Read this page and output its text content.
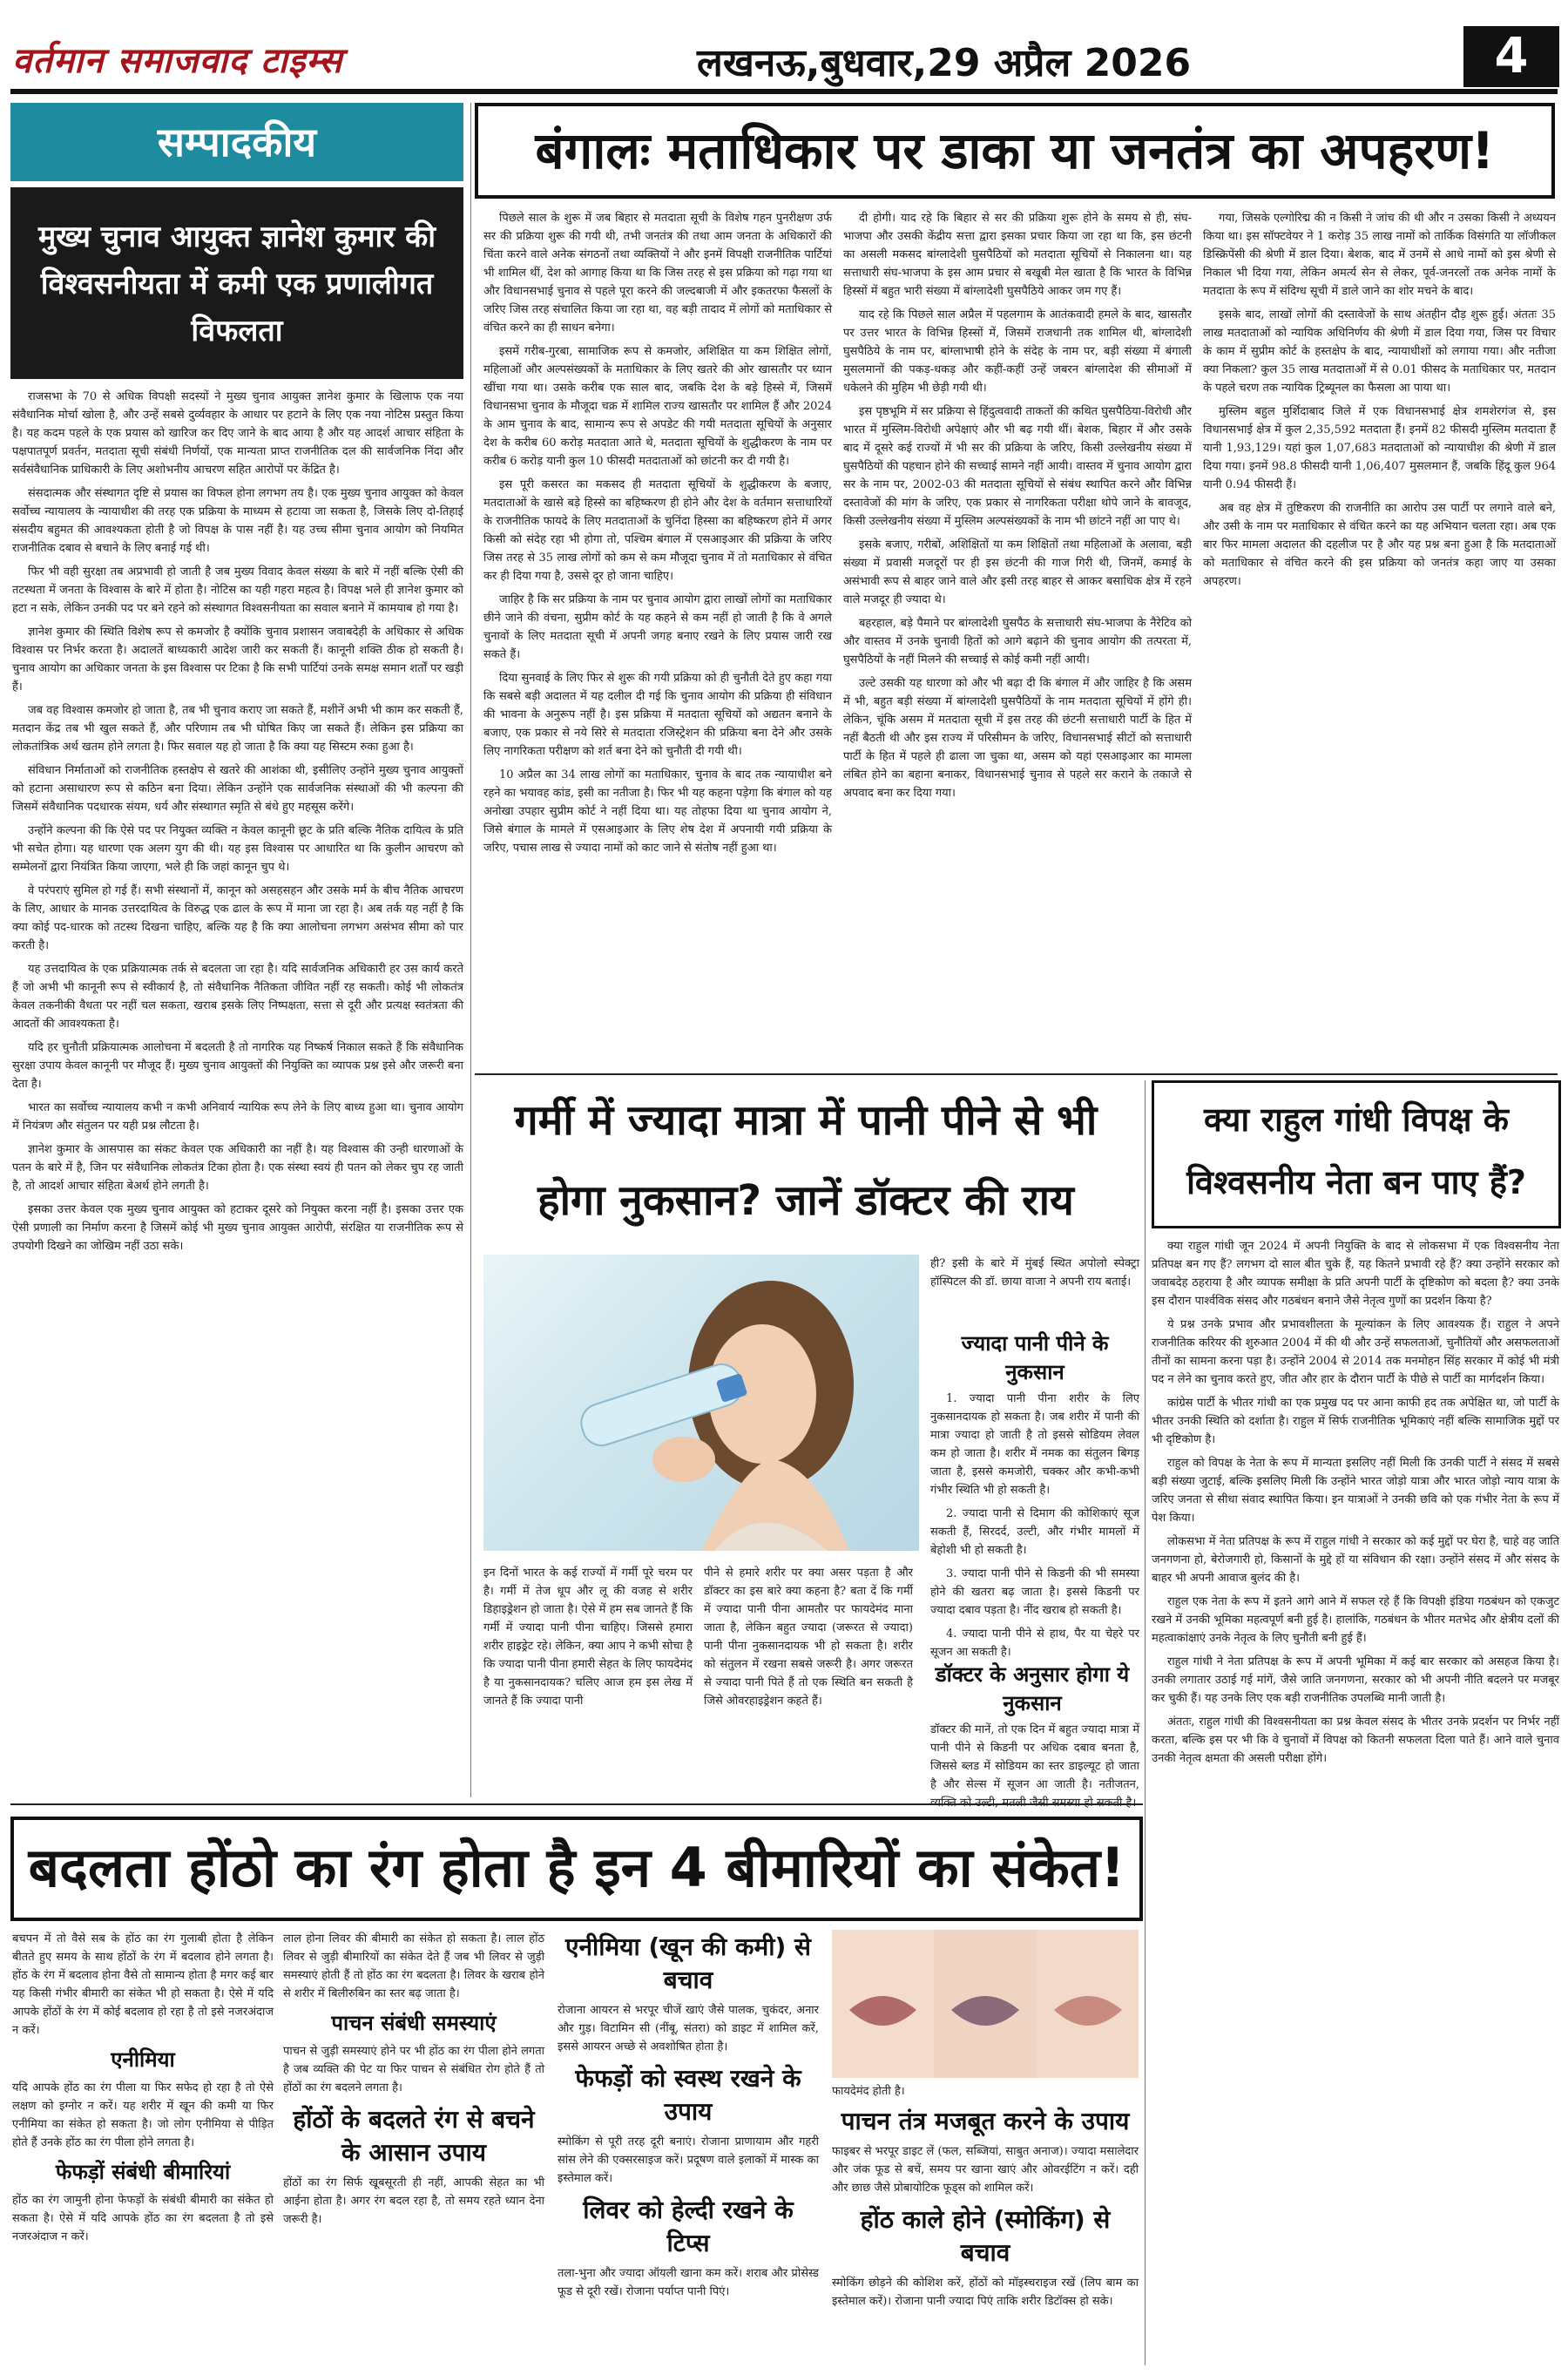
वर्तमान समाजवाद टाइम्स	लखनऊ,बुधवार,29 अप्रैल 2026	4
सम्पादकीय
मुख्य चुनाव आयुक्त ज्ञानेश कुमार की विश्वसनीयता में कमी एक प्रणालीगत विफलता

राजसभा के 70 से अधिक विपक्षी सदस्यों ने मुख्य चुनाव आयुक्त ज्ञानेश कुमार के खिलाफ एक नया संवैधानिक मोर्चा खोला है, और उन्हें सबसे दुर्व्यवहार के आधार पर हटाने के लिए एक नया नोटिस प्रस्तुत किया है। यह कदम पहले के एक प्रयास को खारिज कर दिए जाने के बाद आया है और यह आदर्श आचार संहिता के पक्षपातपूर्ण प्रवर्तन, मतदाता सूची संबंधी निर्णयों, एक मान्यता प्राप्त राजनीतिक दल की सार्वजनिक निंदा और सर्वसंवैधानिक प्राधिकारी के लिए अशोभनीय आचरण सहित आरोपों पर केंद्रित है।

संसदात्मक और संस्थागत दृष्टि से प्रयास का विफल होना लगभग तय है। एक मुख्य चुनाव आयुक्त को केवल सर्वोच्च न्यायालय के न्यायाधीश की तरह एक प्रक्रिया के माध्यम से हटाया जा सकता है, जिसके लिए दो-तिहाई संसदीय बहुमत की आवश्यकता होती है जो विपक्ष के पास नहीं है। यह उच्च सीमा चुनाव आयोग को नियमित राजनीतिक दबाव से बचाने के लिए बनाई गई थी।

फिर भी वही सुरक्षा तब अप्रभावी हो जाती है जब मुख्य विवाद केवल संख्या के बारे में नहीं बल्कि ऐसी की तटस्थता में जनता के विश्वास के बारे में होता है। नोटिस का यही गहरा महत्व है। विपक्ष भले ही ज्ञानेश कुमार को हटा न सके, लेकिन उनकी पद पर बने रहने को संस्थागत विश्वसनीयता का सवाल बनाने में कामयाब हो गया है।

ज्ञानेश कुमार की स्थिति विशेष रूप से कमजोर है क्योंकि चुनाव प्रशासन जवाबदेही के अधिकार से अधिक विश्वास पर निर्भर करता है। अदालतें बाध्यकारी आदेश जारी कर सकती हैं। कानूनी शक्ति ठीक हो सकती है। चुनाव आयोग का अधिकार जनता के इस विश्वास पर टिका है कि सभी पार्टियां उनके समक्ष समान शर्तों पर खड़ी हैं।

जब वह विश्वास कमजोर हो जाता है, तब भी चुनाव कराए जा सकते हैं, मशीनें अभी भी काम कर सकती हैं, मतदान केंद्र तब भी खुल सकते हैं, और परिणाम तब भी घोषित किए जा सकते हैं। लेकिन इस प्रक्रिया का लोकतांत्रिक अर्थ खतम होने लगता है। फिर सवाल यह हो जाता है कि क्या यह सिस्टम रुका हुआ है।

संविधान निर्माताओं को राजनीतिक हस्तक्षेप से खतरे की आशंका थी, इसीलिए उन्होंने मुख्य चुनाव आयुक्तों को हटाना असाधारण रूप से कठिन बना दिया। लेकिन उन्होंने एक सार्वजनिक संस्थाओं की भी कल्पना की जिसमें संवैधानिक पदधारक संयम, धर्य और संस्थागत स्मृति से बंधे हुए महसूस करेंगे।

उन्होंने कल्पना की कि ऐसे पद पर नियुक्त व्यक्ति न केवल कानूनी छूट के प्रति बल्कि नैतिक दायित्व के प्रति भी सचेत होगा। यह धारणा एक अलग युग की थी। यह इस विश्वास पर आधारित था कि कुलीन आचरण को सम्मेलनों द्वारा नियंत्रित किया जाएगा, भले ही कि जहां कानून चुप थे।

वे परंपराएं सुमिल हो गई हैं। सभी संस्थानों में, कानून को असहसहन और उसके मर्म के बीच नैतिक आचरण के लिए, आधार के मानक उत्तरदायित्व के विरुद्ध एक ढाल के रूप में माना जा रहा है। अब तर्क यह नहीं है कि क्या कोई पद-धारक को तटस्थ दिखना चाहिए, बल्कि यह है कि क्या आलोचना लगभग असंभव सीमा को पार करती है।

यह उत्तदायित्व के एक प्रक्रियात्मक तर्क से बदलता जा रहा है। यदि सार्वजनिक अधिकारी हर उस कार्य करते हैं जो अभी भी कानूनी रूप से स्वीकार्य है, तो संवैधानिक नैतिकता जीवित नहीं रह सकती। कोई भी लोकतंत्र केवल तकनीकी वैधता पर नहीं चल सकता, खराब इसके लिए निष्पक्षता, सत्ता से दूरी और प्रत्यक्ष स्वतंत्रता की आदतों की आवश्यकता है।

यदि हर चुनौती प्रक्रियात्मक आलोचना में बदलती है तो नागरिक यह निष्कर्ष निकाल सकते हैं कि संवैधानिक सुरक्षा उपाय केवल कानूनी पर मौजूद हैं। मुख्य चुनाव आयुक्तों की नियुक्ति का व्यापक प्रश्न इसे और जरूरी बना देता है।

भारत का सर्वोच्च न्यायालय कभी न कभी अनिवार्य न्यायिक रूप लेने के लिए बाध्य हुआ था। चुनाव आयोग में नियंत्रण और संतुलन पर यही प्रश्न लौटता है।

ज्ञानेश कुमार के आसपास का संकट केवल एक अधिकारी का नहीं है। यह विश्वास की उन्ही धारणाओं के पतन के बारे में है, जिन पर संवैधानिक लोकतंत्र टिका होता है। एक संस्था स्वयं ही पतन को लेकर चुप रह जाती है, तो आदर्श आचार संहिता बेअर्थ होने लगती है।

इसका उत्तर केवल एक मुख्य चुनाव आयुक्त को हटाकर दूसरे को नियुक्त करना नहीं है। इसका उत्तर एक ऐसी प्रणाली का निर्माण करना है जिसमें कोई भी मुख्य चुनाव आयुक्त आरोपी, संरक्षित या राजनीतिक रूप से उपयोगी दिखने का जोखिम नहीं उठा सके।

बंगालः मताधिकार पर डाका या जनतंत्र का अपहरण!

पिछले साल के शुरू में जब बिहार से मतदाता सूची के विशेष गहन पुनरीक्षण उर्फ सर की प्रक्रिया शुरू की गयी थी, तभी जनतंत्र की तथा आम जनता के अधिकारों की चिंता करने वाले अनेक संगठनों तथा व्यक्तियों ने और इनमें विपक्षी राजनीतिक पार्टियां भी शामिल थीं, देश को आगाह किया था कि जिस तरह से इस प्रक्रिया को गढ़ा गया था और विधानसभाई चुनाव से पहले पूरा करने की जल्दबाजी में और इकतरफा फैसलों के जरिए जिस तरह संचालित किया जा रहा था, वह बड़ी तादाद में लोगों को मताधिकार से वंचित करने का ही साधन बनेगा।

इसमें गरीब-गुरबा, सामाजिक रूप से कमजोर, अशिक्षित या कम शिक्षित लोगों, महिलाओं और अल्पसंख्यकों के मताधिकार के लिए खतरे की ओर खासतौर पर ध्यान खींचा गया था। उसके करीब एक साल बाद, जबकि देश के बड़े हिस्से में, जिसमें विधानसभा चुनाव के मौजूदा चक्र में शामिल राज्य खासतौर पर शामिल हैं और 2024 के आम चुनाव के बाद, सामान्य रूप से अपडेट की गयी मतदाता सूचियों के अनुसार देश के करीब 60 करोड़ मतदाता आते थे, मतदाता सूचियों के शुद्धीकरण के नाम पर करीब 6 करोड़ यानी कुल 10 फीसदी मतदाताओं को छांटनी कर दी गयी है।

इस पूरी कसरत का मकसद ही मतदाता सूचियों के शुद्धीकरण के बजाए, मतदाताओं के खासे बड़े हिस्से का बहिष्करण ही होने और देश के वर्तमान सत्ताधारियों के राजनीतिक फायदे के लिए मतदाताओं के चुनिंदा हिस्सा का बहिष्करण होने में अगर किसी को संदेह रहा भी होगा तो, पश्चिम बंगाल में एसआइआर की प्रक्रिया के जरिए जिस तरह से 35 लाख लोगों को कम से कम मौजूदा चुनाव में तो मताधिकार से वंचित कर ही दिया गया है, उससे दूर हो जाना चाहिए।

जाहिर है कि सर प्रक्रिया के नाम पर चुनाव आयोग द्वारा लाखों लोगों का मताधिकार छीने जाने की वंचना, सुप्रीम कोर्ट के यह कहने से कम नहीं हो जाती है कि वे अगले चुनावों के लिए मतदाता सूची में अपनी जगह बनाए रखने के लिए प्रयास जारी रख सकते हैं।

दिया सुनवाई के लिए फिर से शुरू की गयी प्रक्रिया को ही चुनौती देते हुए कहा गया कि सबसे बड़ी अदालत में यह दलील दी गई कि चुनाव आयोग की प्रक्रिया ही संविधान की भावना के अनुरूप नहीं है। इस प्रक्रिया में मतदाता सूचियों को अद्यतन बनाने के बजाए, एक प्रकार से नये सिरे से मतदाता रजिस्ट्रेशन की प्रक्रिया बना देने और उसके लिए नागरिकता परीक्षण को शर्त बना देने को चुनौती दी गयी थी।

10 अप्रैल का 34 लाख लोगों का मताधिकार, चुनाव के बाद तक न्यायाधीश बने रहने का भयावह कांड, इसी का नतीजा है। फिर भी यह कहना पड़ेगा कि बंगाल को यह अनोखा उपहार सुप्रीम कोर्ट ने नहीं दिया था। यह तोहफा दिया था चुनाव आयोग ने, जिसे बंगाल के मामले में एसआइआर के लिए शेष देश में अपनायी गयी प्रक्रिया के जरिए, पचास लाख से ज्यादा नामों को काट जाने से संतोष नहीं हुआ था।

दी होगी। याद रहे कि बिहार से सर की प्रक्रिया शुरू होने के समय से ही, संघ-भाजपा और उसकी केंद्रीय सत्ता द्वारा इसका प्रचार किया जा रहा था कि, इस छंटनी का असली मकसद बांग्लादेशी घुसपैठियों को मतदाता सूचियों से निकालना था। यह सत्ताधारी संघ-भाजपा के इस आम प्रचार से बखूबी मेल खाता है कि भारत के विभिन्न हिस्सों में बहुत भारी संख्या में बांग्लादेशी घुसपैठिये आकर जम गए हैं।

याद रहे कि पिछले साल अप्रैल में पहलगाम के आतंकवादी हमले के बाद, खासतौर पर उत्तर भारत के विभिन्न हिस्सों में, जिसमें राजधानी तक शामिल थी, बांग्लादेशी घुसपैठिये के नाम पर, बांग्लाभाषी होने के संदेह के नाम पर, बड़ी संख्या में बंगाली मुसलमानों की पकड़-धकड़ और कहीं-कहीं उन्हें जबरन बांग्लादेश की सीमाओं में धकेलने की मुहिम भी छेड़ी गयी थी।

इस पृष्ठभूमि में सर प्रक्रिया से हिंदुत्ववादी ताकतों की कथित घुसपैठिया-विरोधी और भारत में मुस्लिम-विरोधी अपेक्षाएं और भी बढ़ गयी थीं। बेशक, बिहार में और उसके बाद में दूसरे कई राज्यों में भी सर की प्रक्रिया के जरिए, किसी उल्लेखनीय संख्या में घुसपैठियों की पहचान होने की सच्चाई सामने नहीं आयी। वास्तव में चुनाव आयोग द्वारा सर के नाम पर, 2002-03 की मतदाता सूचियों से संबंध स्थापित करने और विभिन्न दस्तावेजों की मांग के जरिए, एक प्रकार से नागरिकता परीक्षा थोपे जाने के बावजूद, किसी उल्लेखनीय संख्या में मुस्लिम अल्पसंख्यकों के नाम भी छांटने नहीं आ पाए थे।

इसके बजाए, गरीबों, अशिक्षितों या कम शिक्षितों तथा महिलाओं के अलावा, बड़ी संख्या में प्रवासी मजदूरों पर ही इस छंटनी की गाज गिरी थी, जिनमें, कमाई के असंभावी रूप से बाहर जाने वाले और इसी तरह बाहर से आकर बसाधिक क्षेत्र में रहने वाले मजदूर ही ज्यादा थे।

बहरहाल, बड़े पैमाने पर बांग्लादेशी घुसपैठ के सत्ताधारी संघ-भाजपा के नैरेटिव को और वास्तव में उनके चुनावी हितों को आगे बढ़ाने की चुनाव आयोग की तत्परता में, घुसपैठियों के नहीं मिलने की सच्चाई से कोई कमी नहीं आयी।

उल्टे उसकी यह धारणा को और भी बढ़ा दी कि बंगाल में और जाहिर है कि असम में भी, बहुत बड़ी संख्या में बांग्लादेशी घुसपैठियों के नाम मतदाता सूचियों में होंगे ही। लेकिन, चूंकि असम में मतदाता सूची में इस तरह की छंटनी सत्ताधारी पार्टी के हित में नहीं बैठती थी और इस राज्य में परिसीमन के जरिए, विधानसभाई सीटों को सत्ताधारी पार्टी के हित में पहले ही ढाला जा चुका था, असम को यहां एसआइआर का मामला लंबित होने का बहाना बनाकर, विधानसभाई चुनाव से पहले सर कराने के तकाजे से अपवाद बना कर दिया गया।

गया, जिसके एल्गोरिद्म की न किसी ने जांच की थी और न उसका किसी ने अध्ययन किया था। इस सॉफ्टवेयर ने 1 करोड़ 35 लाख नामों को तार्किक विसंगति या लॉजीकल डिस्क्रिपेंसी की श्रेणी में डाल दिया। बेशक, बाद में उनमें से आधे नामों को इस श्रेणी से निकाल भी दिया गया, लेकिन अमर्त्य सेन से लेकर, पूर्व-जनरलों तक अनेक नामों के मतदाता के रूप में संदिग्ध सूची में डाले जाने का शोर मचने के बाद।

इसके बाद, लाखों लोगों की दस्तावेजों के साथ अंतहीन दौड़ शुरू हुई। अंततः 35 लाख मतदाताओं को न्यायिक अधिनिर्णय की श्रेणी में डाल दिया गया, जिस पर विचार के काम में सुप्रीम कोर्ट के हस्तक्षेप के बाद, न्यायाधीशों को लगाया गया। और नतीजा क्या निकला? कुल 35 लाख मतदाताओं में से 0.01 फीसद के मताधिकार पर, मतदान के पहले चरण तक न्यायिक ट्रिब्यूनल का फैसला आ पाया था।

मुस्लिम बहुल मुर्शिदाबाद जिले में एक विधानसभाई क्षेत्र शमशेरगंज से, इस विधानसभाई क्षेत्र में कुल 2,35,592 मतदाता हैं। इनमें 82 फीसदी मुस्लिम मतदाता हैं यानी 1,93,129। यहां कुल 1,07,683 मतदाताओं को न्यायाधीश की श्रेणी में डाल दिया गया। इनमें 98.8 फीसदी यानी 1,06,407 मुसलमान हैं, जबकि हिंदू कुल 964 यानी 0.94 फीसदी हैं।

अब वह क्षेत्र में तुष्टिकरण की राजनीति का आरोप उस पार्टी पर लगाने वाले बने, और उसी के नाम पर मताधिकार से वंचित करने का यह अभियान चलता रहा। अब एक बार फिर मामला अदालत की दहलीज पर है और यह प्रश्न बना हुआ है कि मतदाताओं को मताधिकार से वंचित करने की इस प्रक्रिया को जनतंत्र कहा जाए या उसका अपहरण।

गर्मी में ज्यादा मात्रा में पानी पीने से भी
होगा नुकसान? जानें डॉक्टर की राय
ही? इसी के बारे में मुंबई स्थित अपोलो स्पेक्ट्रा हॉस्पिटल की डॉ. छाया वाजा ने अपनी राय बताई।
ज्यादा पानी पीने के नुकसान

1. ज्यादा पानी पीना शरीर के लिए नुकसानदायक हो सकता है। जब शरीर में पानी की मात्रा ज्यादा हो जाती है तो इससे सोडियम लेवल कम हो जाता है। शरीर में नमक का संतुलन बिगड़ जाता है, इससे कमजोरी, चक्कर और कभी-कभी गंभीर स्थिति भी हो सकती है।

2. ज्यादा पानी से दिमाग की कोशिकाएं सूज सकती हैं, सिरदर्द, उल्टी, और गंभीर मामलों में बेहोशी भी हो सकती है।

3. ज्यादा पानी पीने से किडनी की भी समस्या होने की खतरा बढ़ जाता है। इससे किडनी पर ज्यादा दबाव पड़ता है। नींद खराब हो सकती है।

4. ज्यादा पानी पीने से हाथ, पैर या चेहरे पर सूजन आ सकती है।

डॉक्टर के अनुसार होगा ये नुकसान
इन दिनों भारत के कई राज्यों में गर्मी पूरे चरम पर है। गर्मी में तेज धूप और लू की वजह से शरीर डिहाइड्रेशन हो जाता है। ऐसे में हम सब जानते हैं कि गर्मी में ज्यादा पानी पीना चाहिए। जिससे हमारा शरीर हाइड्रेट रहे। लेकिन, क्या आप ने कभी सोचा है कि ज्यादा पानी पीना हमारी सेहत के लिए फायदेमंद है या नुकसानदायक? चलिए आज हम इस लेख में जानते हैं कि ज्यादा पानी
पीने से हमारे शरीर पर क्या असर पड़ता है और डॉक्टर का इस बारे क्या कहना है? बता दें कि गर्मी में ज्यादा पानी पीना आमतौर पर फायदेमंद माना जाता है, लेकिन बहुत ज्यादा (जरूरत से ज्यादा) पानी पीना नुकसानदायक भी हो सकता है। शरीर को संतुलन में रखना सबसे जरूरी है। अगर जरूरत से ज्यादा पानी पिते हैं तो एक स्थिति बन सकती है जिसे ओवरहाइड्रेशन कहते हैं।
डॉक्टर की मानें, तो एक दिन में बहुत ज्यादा मात्रा में पानी पीने से किडनी पर अधिक दबाव बनता है, जिससे ब्लड में सोडियम का स्तर डाइल्यूट हो जाता है और सेल्स में सूजन आ जाती है। नतीजतन,
क्या राहुल गांधी विपक्ष के विश्वसनीय नेता बन पाए हैं?

क्या राहुल गांधी जून 2024 में अपनी नियुक्ति के बाद से लोकसभा में एक विश्वसनीय नेता प्रतिपक्ष बन गए हैं? लगभग दो साल बीत चुके हैं, यह कितने प्रभावी रहे हैं? क्या उन्होंने सरकार को जवाबदेह ठहराया है और व्यापक समीक्षा के प्रति अपनी पार्टी के दृष्टिकोण को बदला है? क्या उनके इस दौरान पार्श्वविक संसद और गठबंधन बनाने जैसे नेतृत्व गुणों का प्रदर्शन किया है?

ये प्रश्न उनके प्रभाव और प्रभावशीलता के मूल्यांकन के लिए आवश्यक हैं। राहुल ने अपने राजनीतिक करियर की शुरुआत 2004 में की थी और उन्हें सफलताओं, चुनौतियों और असफलताओं तीनों का सामना करना पड़ा है। उन्होंने 2004 से 2014 तक मनमोहन सिंह सरकार में कोई भी मंत्री पद न लेने का चुनाव करते हुए, जीत और हार के दौरान पार्टी के पीछे से पार्टी का मार्गदर्शन किया।

कांग्रेस पार्टी के भीतर गांधी का एक प्रमुख पद पर आना काफी हद तक अपेक्षित था, जो पार्टी के भीतर उनकी स्थिति को दर्शाता है। राहुल में सिर्फ राजनीतिक भूमिकाएं नहीं बल्कि सामाजिक मुद्दों पर भी दृष्टिकोण है।

राहुल को विपक्ष के नेता के रूप में मान्यता इसलिए नहीं मिली कि उनकी पार्टी ने संसद में सबसे बड़ी संख्या जुटाई, बल्कि इसलिए मिली कि उन्होंने भारत जोड़ो यात्रा और भारत जोड़ो न्याय यात्रा के जरिए जनता से सीधा संवाद स्थापित किया। इन यात्राओं ने उनकी छवि को एक गंभीर नेता के रूप में पेश किया।

लोकसभा में नेता प्रतिपक्ष के रूप में राहुल गांधी ने सरकार को कई मुद्दों पर घेरा है, चाहे वह जाति जनगणना हो, बेरोजगारी हो, किसानों के मुद्दे हों या संविधान की रक्षा। उन्होंने संसद में और संसद के बाहर भी अपनी आवाज बुलंद की है।

राहुल एक नेता के रूप में इतने आगे आने में सफल रहे हैं कि विपक्षी इंडिया गठबंधन को एकजुट रखने में उनकी भूमिका महत्वपूर्ण बनी हुई है। हालांकि, गठबंधन के भीतर मतभेद और क्षेत्रीय दलों की महत्वाकांक्षाएं उनके नेतृत्व के लिए चुनौती बनी हुई हैं।

राहुल गांधी ने नेता प्रतिपक्ष के रूप में अपनी भूमिका में कई बार सरकार को असहज किया है। उनकी लगातार उठाई गई मांगें, जैसे जाति जनगणना, सरकार को भी अपनी नीति बदलने पर मजबूर कर चुकी हैं। यह उनके लिए एक बड़ी राजनीतिक उपलब्धि मानी जाती है।

अंततः, राहुल गांधी की विश्वसनीयता का प्रश्न केवल संसद के भीतर उनके प्रदर्शन पर निर्भर नहीं करता, बल्कि इस पर भी कि वे चुनावों में विपक्ष को कितनी सफलता दिला पाते हैं। आने वाले चुनाव उनकी नेतृत्व क्षमता की असली परीक्षा होंगे।

बदलता होंठो का रंग होता है इन 4 बीमारियों का संकेत!
बचपन में तो वैसे सब के होंठ का रंग गुलाबी होता है लेकिन बीतते हुए समय के साथ होंठों के रंग में बदलाव होने लगता है। होंठ के रंग में बदलाव होना वैसे तो सामान्य होता है मगर कई बार यह किसी गंभीर बीमारी का संकेत भी हो सकता है। ऐसे में यदि आपके होंठों के रंग में कोई बदलाव हो रहा है तो इसे नजरअंदाज न करें।
एनीमिया
यदि आपके होंठ का रंग पीला या फिर सफेद हो रहा है तो ऐसे लक्षण को इग्नोर न करें। यह शरीर में खून की कमी या फिर एनीमिया का संकेत हो सकता है। जो लोग एनीमिया से पीड़ित होते हैं उनके होंठ का रंग पीला होने लगता है।
फेफड़ों संबंधी बीमारियां
होंठ का रंग जामुनी होना फेफड़ों के संबंधी बीमारी का संकेत हो सकता है। ऐसे में यदि आपके होंठ का रंग बदलता है तो इसे नजरअंदाज न करें।
लाल होना लिवर की बीमारी का संकेत हो सकता है। लाल होंठ लिवर से जुड़ी बीमारियों का संकेत देते हैं जब भी लिवर से जुड़ी समस्याएं होती हैं तो होंठ का रंग बदलता है। लिवर के खराब होने से शरीर में बिलीरुबिन का स्तर बढ़ जाता है।
पाचन संबंधी समस्याएं
पाचन से जुड़ी समस्याएं होने पर भी होंठ का रंग पीला होने लगता है जब व्यक्ति की पेट या फिर पाचन से संबंधित रोग होते हैं तो होंठों का रंग बदलने लगता है।
होंठों के बदलते रंग से बचने के आसान उपाय
होंठों का रंग सिर्फ खूबसूरती ही नहीं, आपकी सेहत का भी आईना होता है। अगर रंग बदल रहा है, तो समय रहते ध्यान देना जरूरी है।
एनीमिया (खून की कमी) से बचाव
रोजाना आयरन से भरपूर चीजें खाएं जैसे पालक, चुकंदर, अनार और गुड़। विटामिन सी (नींबू, संतरा) को डाइट में शामिल करें, इससे आयरन अच्छे से अवशोषित होता है।
फेफड़ों को स्वस्थ रखने के उपाय
स्मोकिंग से पूरी तरह दूरी बनाएं। रोजाना प्राणायाम और गहरी सांस लेने की एक्सरसाइज करें। प्रदूषण वाले इलाकों में मास्क का इस्तेमाल करें।
लिवर को हेल्दी रखने के टिप्स
तला-भुना और ज्यादा ऑयली खाना कम करें। शराब और प्रोसेस्ड फूड से दूरी रखें। रोजाना पर्याप्त पानी पिएं।
फायदेमंद होती है।
पाचन तंत्र मजबूत करने के उपाय
फाइबर से भरपूर डाइट लें (फल, सब्जियां, साबुत अनाज)। ज्यादा मसालेदार और जंक फूड से बचें, समय पर खाना खाएं और ओवरईटिंग न करें। दही और छाछ जैसे प्रोबायोटिक फूड्स को शामिल करें।
होंठ काले होने (स्मोकिंग) से बचाव
स्मोकिंग छोड़ने की कोशिश करें, होंठों को मॉइस्चराइज रखें (लिप बाम का इस्तेमाल करें)। रोजाना पानी ज्यादा पिएं ताकि शरीर डिटॉक्स हो सके।
